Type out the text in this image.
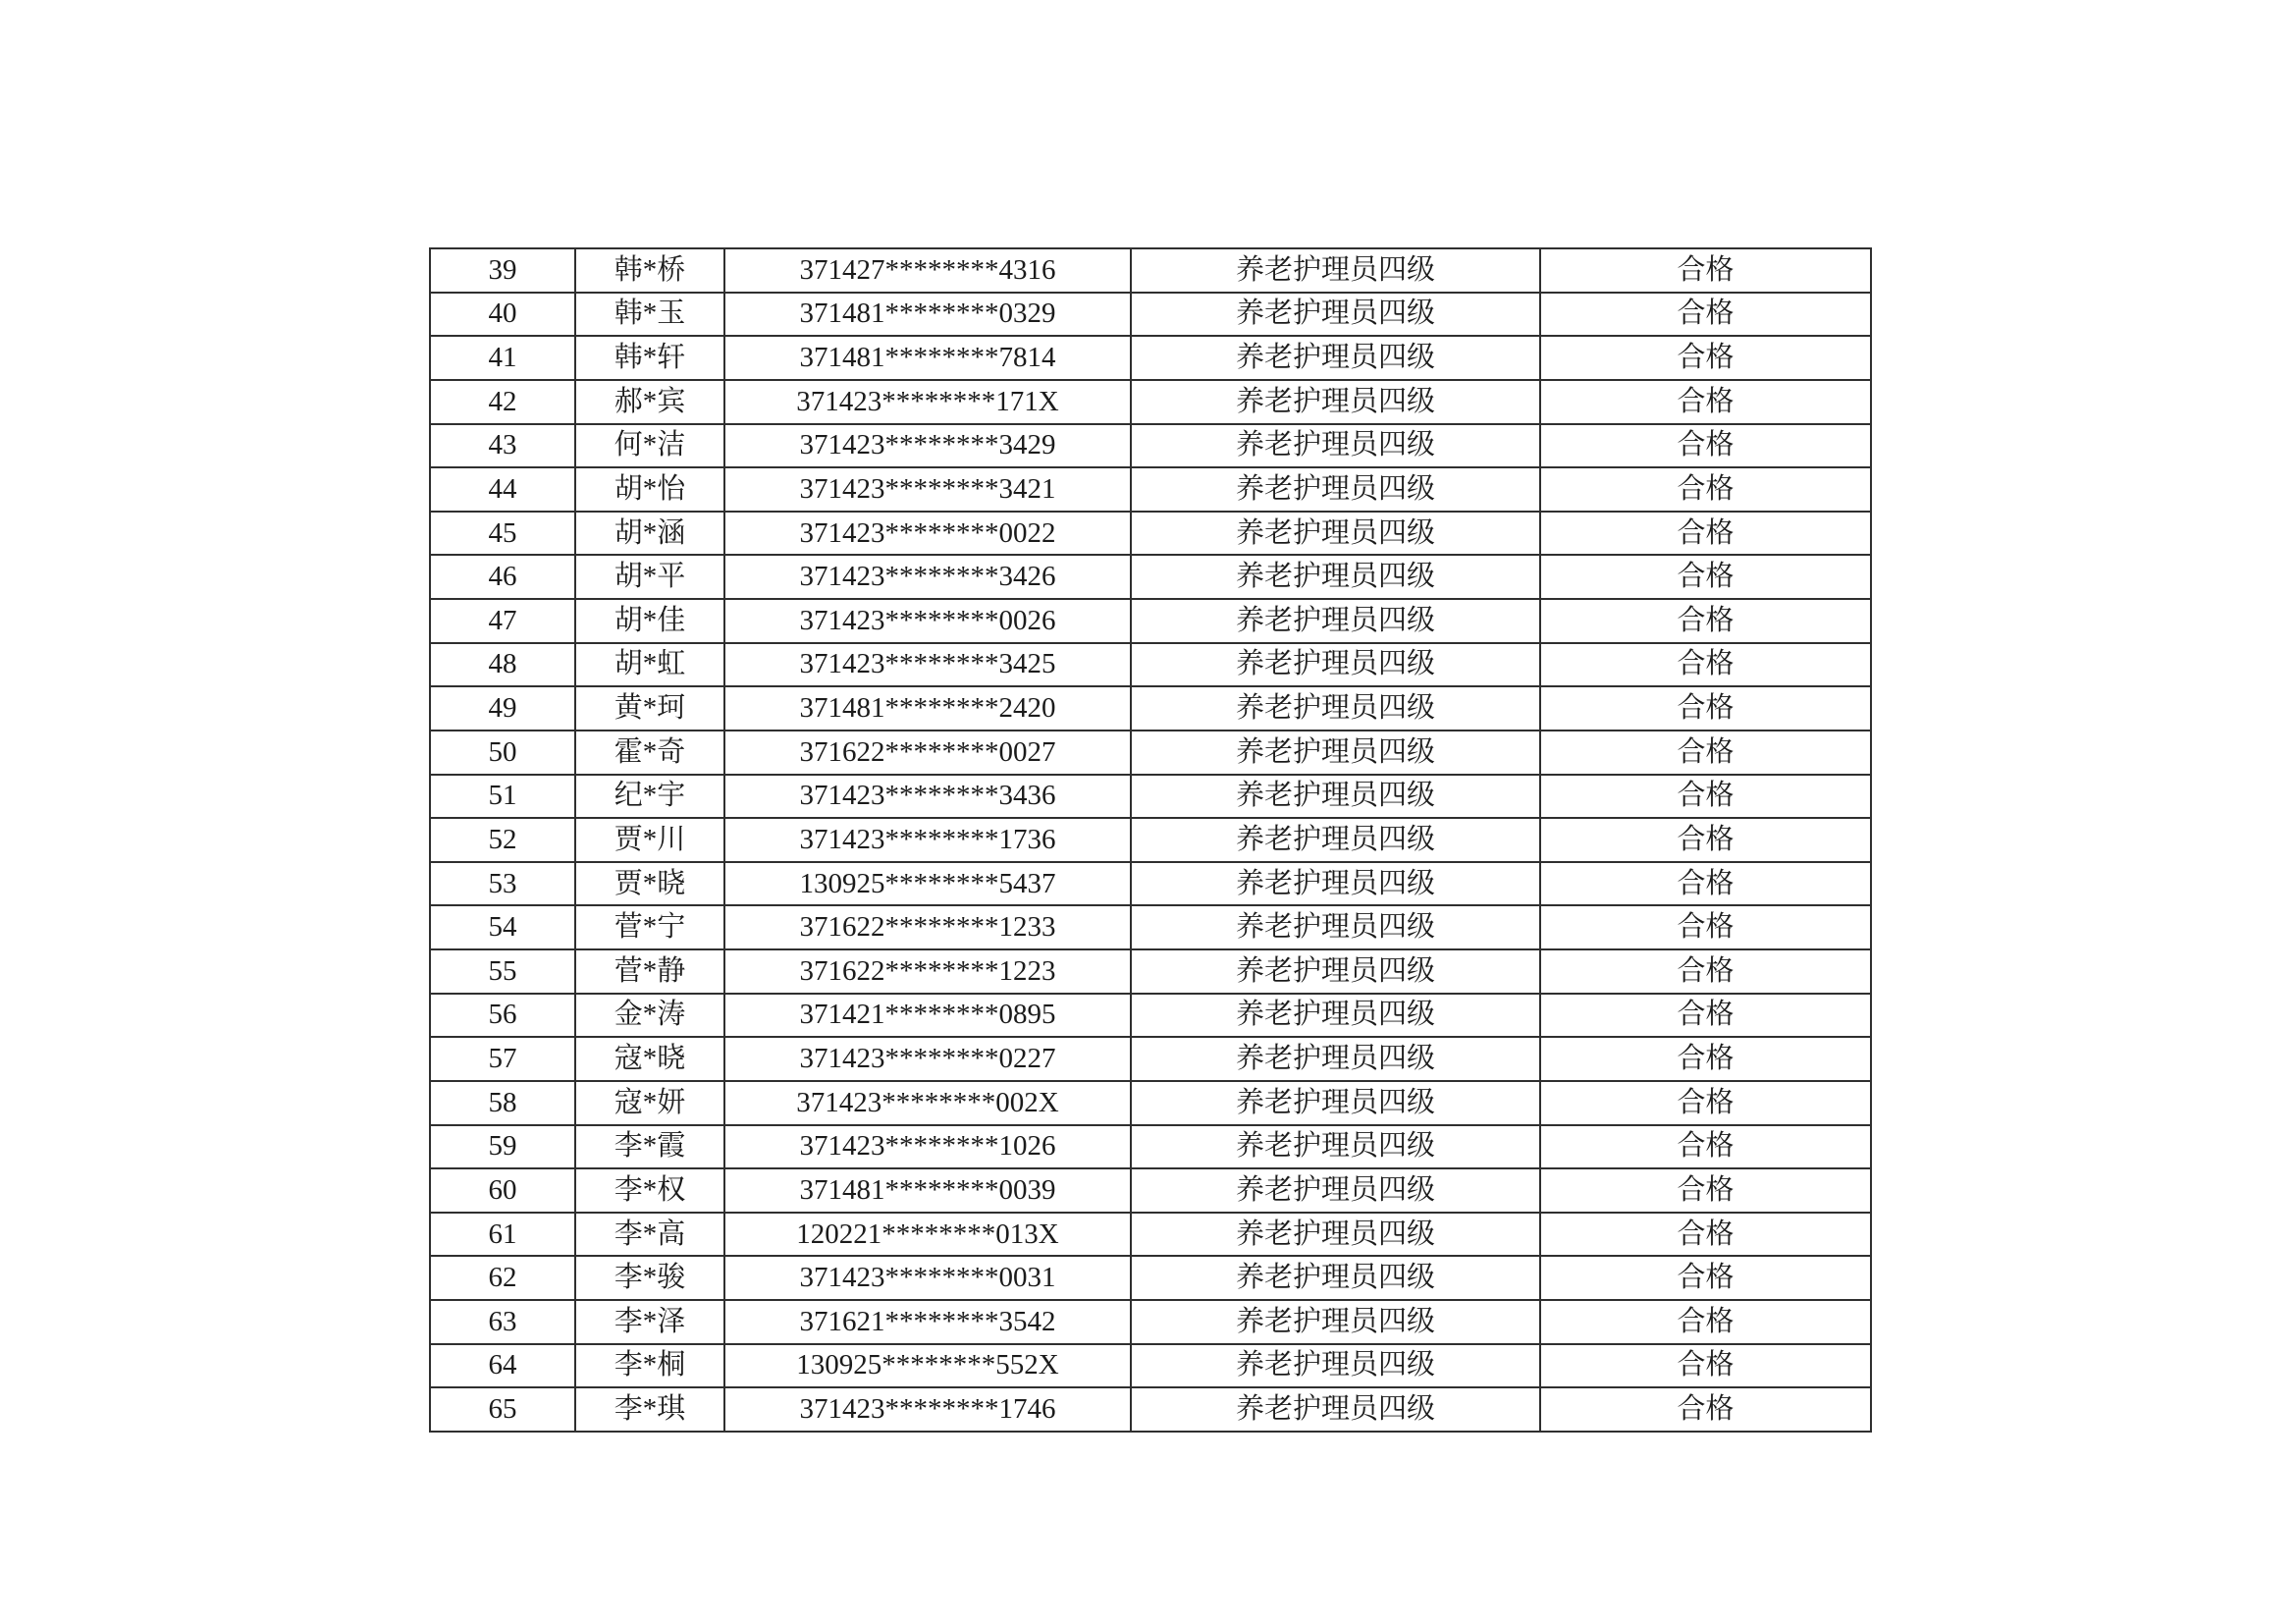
39	韩*桥	371427********4316	养老护理员四级	合格
40	韩*玉	371481********0329	养老护理员四级	合格
41	韩*轩	371481********7814	养老护理员四级	合格
42	郝*宾	371423********171X	养老护理员四级	合格
43	何*洁	371423********3429	养老护理员四级	合格
44	胡*怡	371423********3421	养老护理员四级	合格
45	胡*涵	371423********0022	养老护理员四级	合格
46	胡*平	371423********3426	养老护理员四级	合格
47	胡*佳	371423********0026	养老护理员四级	合格
48	胡*虹	371423********3425	养老护理员四级	合格
49	黄*珂	371481********2420	养老护理员四级	合格
50	霍*奇	371622********0027	养老护理员四级	合格
51	纪*宇	371423********3436	养老护理员四级	合格
52	贾*川	371423********1736	养老护理员四级	合格
53	贾*晓	130925********5437	养老护理员四级	合格
54	菅*宁	371622********1233	养老护理员四级	合格
55	菅*静	371622********1223	养老护理员四级	合格
56	金*涛	371421********0895	养老护理员四级	合格
57	寇*晓	371423********0227	养老护理员四级	合格
58	寇*妍	371423********002X	养老护理员四级	合格
59	李*霞	371423********1026	养老护理员四级	合格
60	李*权	371481********0039	养老护理员四级	合格
61	李*高	120221********013X	养老护理员四级	合格
62	李*骏	371423********0031	养老护理员四级	合格
63	李*泽	371621********3542	养老护理员四级	合格
64	李*桐	130925********552X	养老护理员四级	合格
65	李*琪	371423********1746	养老护理员四级	合格
